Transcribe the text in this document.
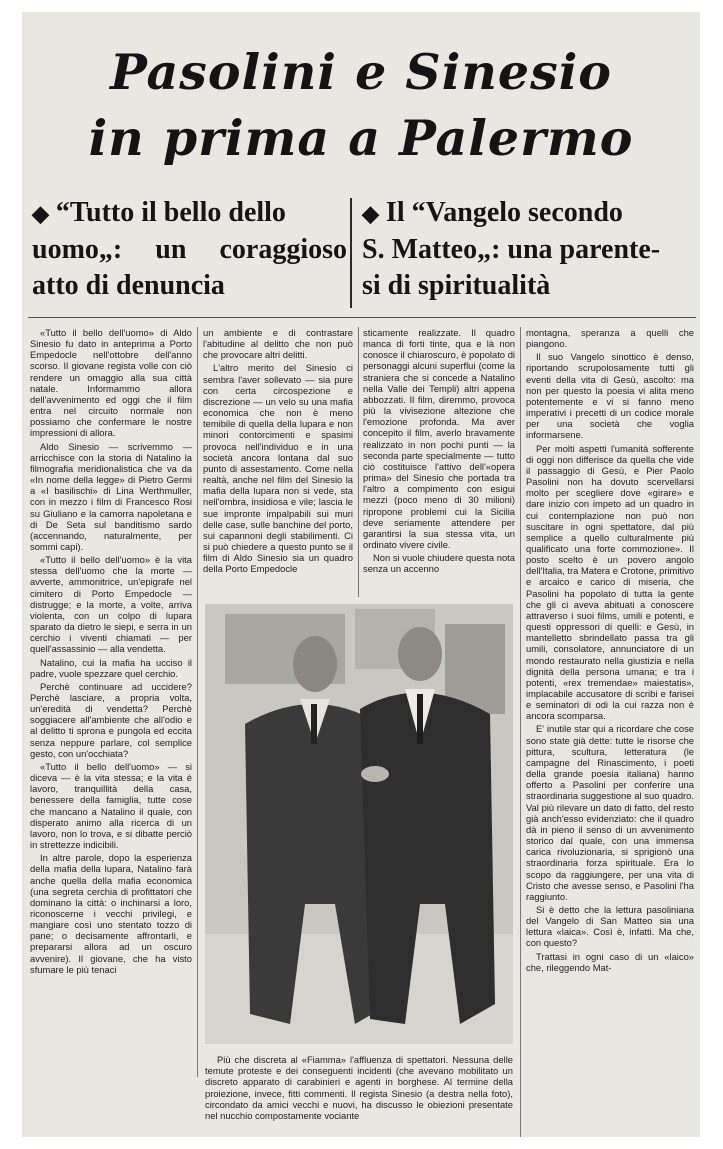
Pasolini e Sinesio
in prima a Palermo
◆ “Tutto il bello dello
uomo„: un coraggioso
atto di denuncia
◆ Il “Vangelo secondo
S. Matteo„: una parente-
si di spiritualità

«Tutto il bello dell'uomo» di Aldo Sinesio fu dato in anteprima a Porto Empedocle nell'ottobre dell'anno scorso. Il giovane regista volle con ciò rendere un omaggio alla sua città natale. Informammo allora dell'avvenimento ed oggi che il film entra nel circuito normale non possiamo che confermare le nostre impressioni di allora.

Aldo Sinesio — scrivemmo — arricchisce con la storia di Natalino la filmografia meridionalistica che va da «In nome della legge» di Pietro Germi a «I basilischi» di Lina Werthmuller, con in mezzo i film di Francesco Rosi su Giuliano e la camorra napoletana e di De Seta sul banditismo sardo (accennando, naturalmente, per sommi capi).

«Tutto il bello dell'uomo» è la vita stessa dell'uomo che la morte — avverte, ammonitrice, un'epigrafe nel cimitero di Porto Empedocle — distrugge; e la morte, a volte, arriva violenta, con un colpo di lupara sparato da dietro le siepi, e serra in un cerchio i viventi chiamati — per quell'assassinio — alla vendetta.

Natalino, cui la mafia ha ucciso il padre, vuole spezzare quel cerchio.

Perchè continuare ad uccidere? Perchè lasciare, a propria volta, un'eredità di vendetta? Perchè soggiacere all'ambiente che all'odio e al delitto ti sprona e pungola ed eccita senza neppure parlare, col semplice gesto, con un'occhiata?

«Tutto il bello dell'uomo» — si diceva — è la vita stessa; e la vita è lavoro, tranquillità della casa, benessere della famiglia, tutte cose che mancano a Natalino il quale, con disperato animo alla ricerca di un lavoro, non lo trova, e si dibatte perciò in strettezze indicibili.

In altre parole, dopo la esperienza della mafia della lupara, Natalino farà anche quella della mafia economica (una segreta cerchia di profittatori che dominano la città: o inchinarsi a loro, riconoscerne i vecchi privilegi, e mangiare così uno stentato tozzo di pane; o decisamente affrontarli, e prepararsi allora ad un oscuro avvenire). Il giovane, che ha visto sfumare le più tenaci

un ambiente e di contrastare l'abitudine al delitto che non può che provocare altri delitti.

L'altro merito del Sinesio ci sembra l'aver sollevato — sia pure con certa circospezione e discrezione — un velo su una mafia economica che non è meno temibile di quella della lupara e non minori contorcimenti e spasimi provoca nell'individuo e in una società ancora lontana dal suo punto di assestamento. Come nella realtà, anche nel film del Sinesio la mafia della lupara non si vede, sta nell'ombra, insidiosa e vile; lascia le sue impronte impalpabili sui muri delle case, sulle banchine del porto, sui capannoni degli stabilimenti. Ci si può chiedere a questo punto se il film di Aldo Sinesio sia un quadro della Porto Empedocle

sticamente realizzate. Il quadro manca di forti tinte, qua e là non conosce il chiaroscuro, è popolato di personaggi alcuni superflui (come la straniera che si concede a Natalino nella Valle dei Templi) altri appena abbozzati. Il film, diremmo, provoca più la vivisezione altezione che l'emozione profonda. Ma aver concepito il film, averlo bravamente realizzato in non pochi punti — la seconda parte specialmente — tutto ciò costituisce l'attivo dell'«opera prima» del Sinesio che portada tra l'altro a compimento con esigui mezzi (poco meno di 30 milioni) ripropone problemi cui la Sicilia deve seriamente attendere per garantirsi la sua stessa vita, un ordinato vivere civile.

Non si vuole chiudere questa nota senza un accenno

montagna, speranza a quelli che piangono.

Il suo Vangelo sinottico è denso, riportando scrupolosamente tutti gli eventi della vita di Gesù, ascolto: ma non per questo la poesia vi alita meno potentemente e vi si fanno meno imperativi i precetti di un codice morale per una società che voglia informarsene.

Per molti aspetti l'umanità sofferente di oggi non differisce da quella che vide il passaggio di Gesù, e Pier Paolo Pasolini non ha dovuto scervellarsi molto per scegliere dove «girare» e dare inizio con impeto ad un quadro in cui contemplazione non può non suscitare in ogni spettatore, dal più semplice a quello culturalmente più qualificato una forte commozione». Il posto scelto è un povero angolo dell'Italia, tra Matera e Crotone, primitivo e arcaico e carico di miseria, che Pasolini ha popolato di tutta la gente che gli ci aveva abituati a conoscere attraverso i suoi films, umili e potenti, e questi oppressori di quelli: e Gesù, in mantelletto sbrindellato passa tra gli umili, consolatore, annunciatore di un mondo restaurato nella giustizia e nella dignità della persona umana; e tra i potenti, «rex tremendae» maiestatis», implacabile accusatore di scribi e farisei e seminatori di odi la cui razza non è ancora scomparsa.

E' inutile star qui a ricordare che cose sono state già dette: tutte le risorse che pittura, scultura, letteratura (le campagne del Rinascimento, i poeti della grande poesia italiana) hanno offerto a Pasolini per conferire una straordinaria suggestione al suo quadro. Val più rilevare un dato di fatto, del resto già anch'esso evidenziato: che il quadro dà in pieno il senso di un avvenimento storico dal quale, con una immensa carica rivoluzionaria, si sprigionò una straordinaria forza spirituale. Era lo scopo da raggiungere, per una vita di Cristo che avesse senso, e Pasolini l'ha raggiunto.

Si è detto che la lettura pasoliniana del Vangelo di San Matteo sia una lettura «laica». Così è, infatti. Ma che, con questo?

Trattasi in ogni caso di un «laico» che, rileggendo Mat-

Più che discreta al «Fiamma» l'affluenza di spettatori. Nessuna delle temute proteste e dei conseguenti incidenti (che avevano mobilitato un discreto apparato di carabinieri e agenti in borghese. Al termine della proiezione, invece, fitti commenti. Il regista Sinesio (a destra nella foto), circondato da amici vecchi e nuovi, ha discusso le obiezioni presentate nel nucchio compostamente vociante
